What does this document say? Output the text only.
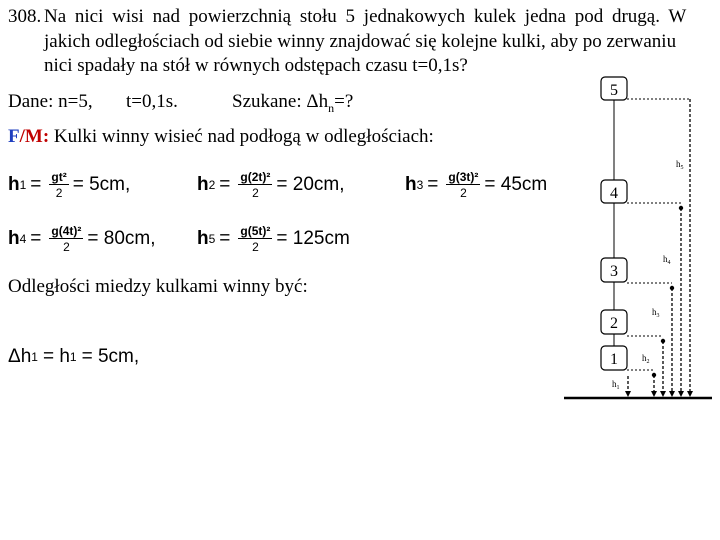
308. Na nici wisi nad powierzchnią stołu 5 jednakowych kulek jedna pod drugą. W
jakich odległościach od siebie winny znajdować się kolejne kulki, aby po zerwaniu
nici spadały na stół w równych odstępach czasu t=0,1s?
Dane: n=5, t=0,1s.	Szukane: $\Delta h_n=$?
F/M: Kulki winny wisieć nad podłogą w odległościach:
h $1 = \frac{\text{gt²}}{2} = 5cm$,	h $2 = \frac{\text{g(2t)²}}{2} = 20cm$,	h $3 = \frac{\text{g(3t)²}}{2} = 45cm$
h $4 = \frac{\text{g(4t)²}}{2} = 80cm$, h $5 = \frac{\text{g(5t)²}}{2} = 125cm$
Odległości miedzy kulkami winny być:
Δh 1 = h 1 = 5cm,
5
4
3
2
1
$h_5$
$h_4$
$h_3$
$h_2$
$h_1$
